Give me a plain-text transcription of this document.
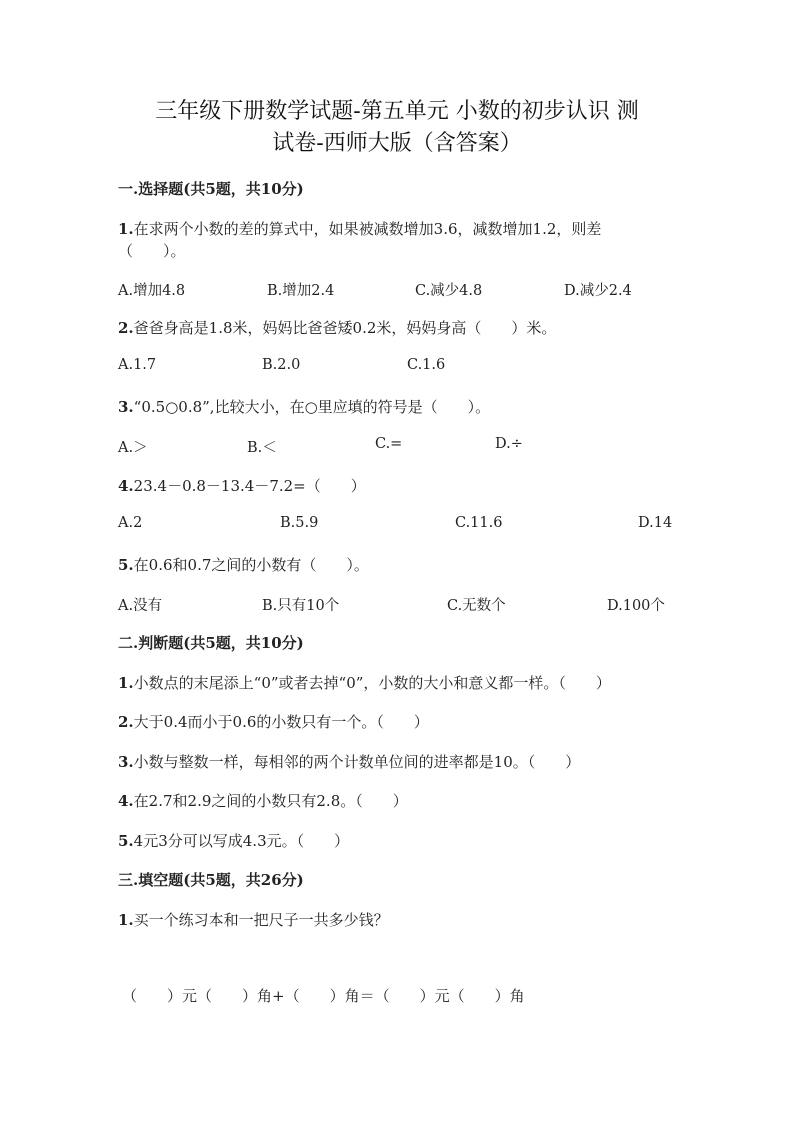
三年级下册数学试题-第五单元 小数的初步认识 测
试卷-西师大版（含答案）
一.选择题(共5题，共10分)
1.在求两个小数的差的算式中，如果被减数增加3.6，减数增加1.2，则差
（　　）。
A.增加4.8	B.增加2.4	C.减少4.8	D.减少2.4
2.爸爸身高是1.8米，妈妈比爸爸矮0.2米，妈妈身高（　　）米。
A.1.7	B.2.0	C.1.6
3.“0.5○0.8”,比较大小，在○里应填的符号是（　　）。
A.＞	B.＜	C.=	D.÷
4.23.4－0.8－13.4－7.2=（　　）
A.2	B.5.9	C.11.6	D.14
5.在0.6和0.7之间的小数有（　　）。
A.没有	B.只有10个	C.无数个	D.100个
二.判断题(共5题，共10分)
1.小数点的末尾添上“0”或者去掉“0”，小数的大小和意义都一样。（　　）
2.大于0.4而小于0.6的小数只有一个。（　　）
3.小数与整数一样，每相邻的两个计数单位间的进率都是10。（　　）
4.在2.7和2.9之间的小数只有2.8。（　　）
5.4元3分可以写成4.3元。（　　）
三.填空题(共5题，共26分)
1.买一个练习本和一把尺子一共多少钱？
（　　）元（　　）角+（　　）角＝（　　）元（　　）角
